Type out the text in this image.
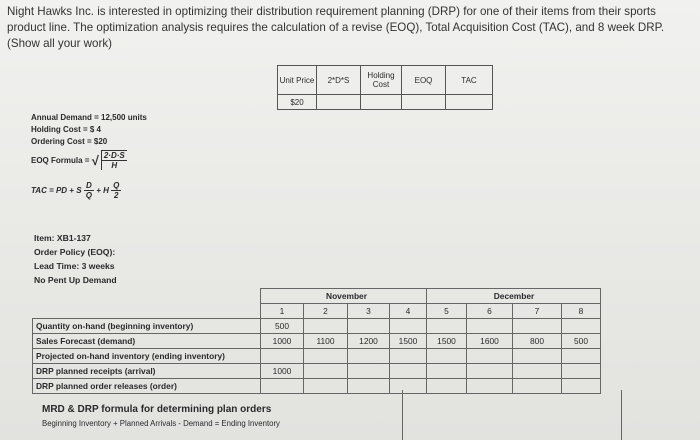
Night Hawks Inc. is interested in optimizing their distribution requirement planning (DRP) for one of their items from their sports product line. The optimization analysis requires the calculation of a revise (EOQ), Total Acquisition Cost (TAC), and 8 week DRP. (Show all your work)
Unit Price	2*D*S	Holding Cost	EOQ	TAC
$20				
Annual Demand = 12,500 units
Holding Cost = $ 4
Ordering Cost = $20
EOQ Formula = √ $\frac{2\cdot D\cdot S}{H}$
TAC = PD + S $\frac{D}{Q} + H \frac{Q}{2}$
Item: XB1-137
Order Policy (EOQ):
Lead Time: 3 weeks
No Pent Up Demand
		November				December		
	1	2	3	4	5	6	7	8
Quantity on-hand (beginning inventory)	500							
Sales Forecast (demand)	1000	1100	1200	1500	1500	1600	800	500
Projected on-hand inventory (ending inventory)								
DRP planned receipts (arrival)	1000							
DRP planned order releases (order)								
MRD & DRP formula for determining plan orders
Beginning Inventory + Planned Arrivals - Demand = Ending Inventory
